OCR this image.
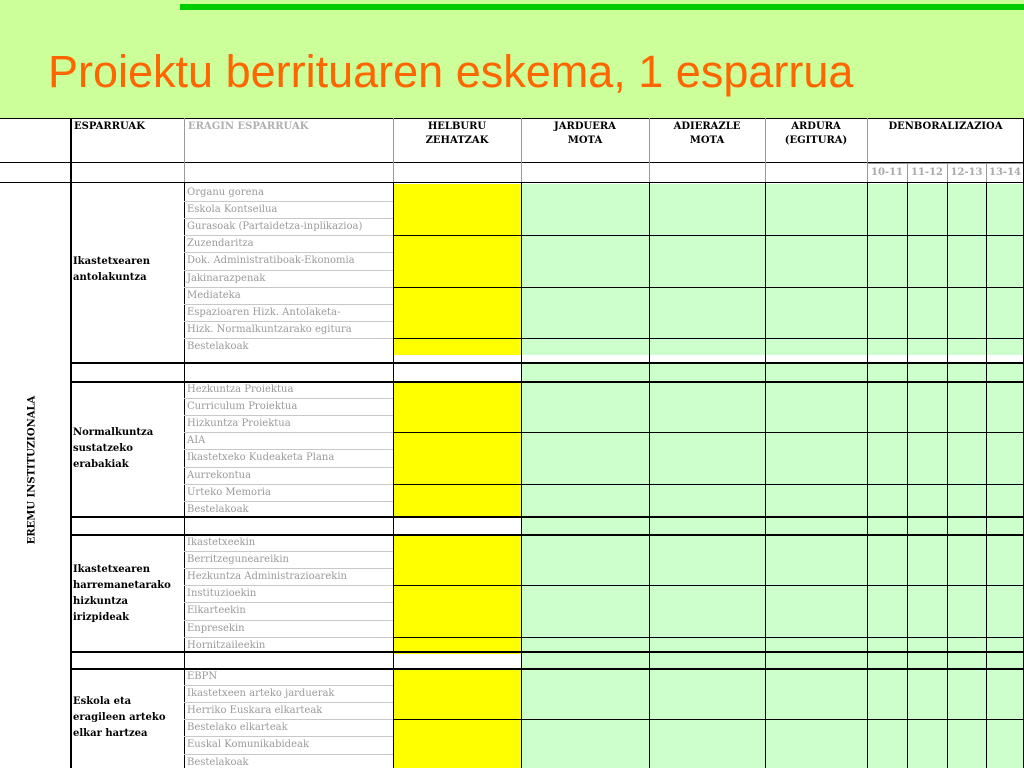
Proiektu berrituaren eskema, 1 esparrua
ESPARRUAK	ERAGIN ESPARRUAK	HELBURU
ZEHATZAK
JARDUERA
MOTA
ADIERAZLE
MOTA
ARDURA
(EGITURA)
DENBORALIZAZIOA
10-11 11-12 12-13 13-14
Organu gorena
Eskola Kontseilua
Gurasoak (Partaidetza-inplikazioa)
Zuzendaritza
Dok. Administratiboak-Ekonomia
Jakinarazpenak
Mediateka
Espazioaren Hizk. Antolaketa-
Hizk. Normalkuntzarako egitura
Bestelakoak
Ikastetxearen
antolakuntza
Hezkuntza Proiektua
Curriculum Proiektua
Hizkuntza Proiektua
AIA
Ikastetxeko Kudeaketa Plana
Aurrekontua
Urteko Memoria
Bestelakoak
Normalkuntza
sustatzeko
erabakiak
Ikastetxeekin
Berritzeguneareikin
Hezkuntza Administrazioarekin
Instituzioekin
Elkarteekin
Enpresekin
Hornitzaileekin
Ikastetxearen
harremanetarako
hizkuntza
irizpideak
EBPN
Ikastetxeen arteko jarduerak
Herriko Euskara elkarteak
Bestelako elkarteak
Euskal Komunikabideak
Bestelakoak
Eskola eta
eragileen arteko
elkar hartzea
EREMU INSTITUZIONALA
